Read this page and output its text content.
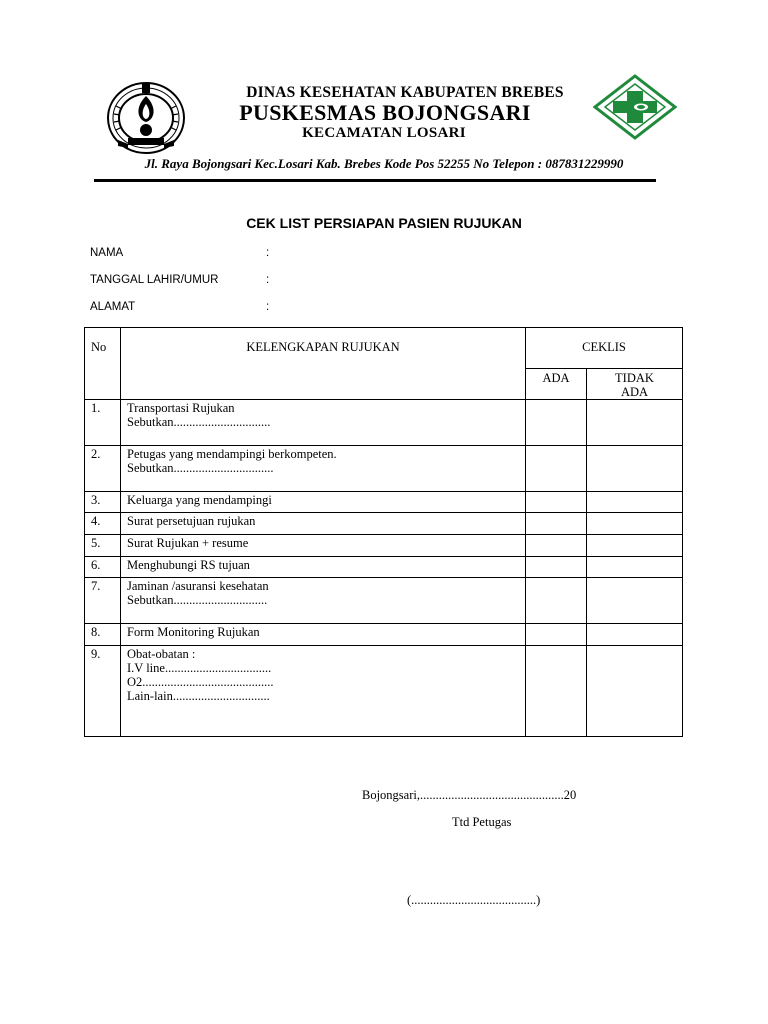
DINAS KESEHATAN KABUPATEN BREBES
PUSKESMAS BOJONGSARI
KECAMATAN LOSARI
Jl. Raya Bojongsari Kec.Losari Kab. Brebes Kode Pos 52255 No Telepon : 087831229990
CEK LIST PERSIAPAN PASIEN RUJUKAN
NAMA	:
TANGGAL LAHIR/UMUR	:
ALAMAT	:
No	KELENGKAPAN RUJUKAN	CEKLIS	
		ADA	TIDAK
ADA

1.	Transportasi Rujukan
Sebutkan...............................		

2.	Petugas yang mendampingi berkompeten.
Sebutkan................................		

3.	Keluarga yang mendampingi		

4.	Surat persetujuan rujukan		

5.	Surat Rujukan + resume		

6.	Menghubungi RS tujuan		

7.	Jaminan /asuransi kesehatan
Sebutkan..............................		

8.	Form Monitoring Rujukan		

9.	Obat-obatan :
I.V line..................................
O2..........................................
Lain-lain...............................		

Bojongsari,..............................................20
Ttd Petugas
(........................................)
